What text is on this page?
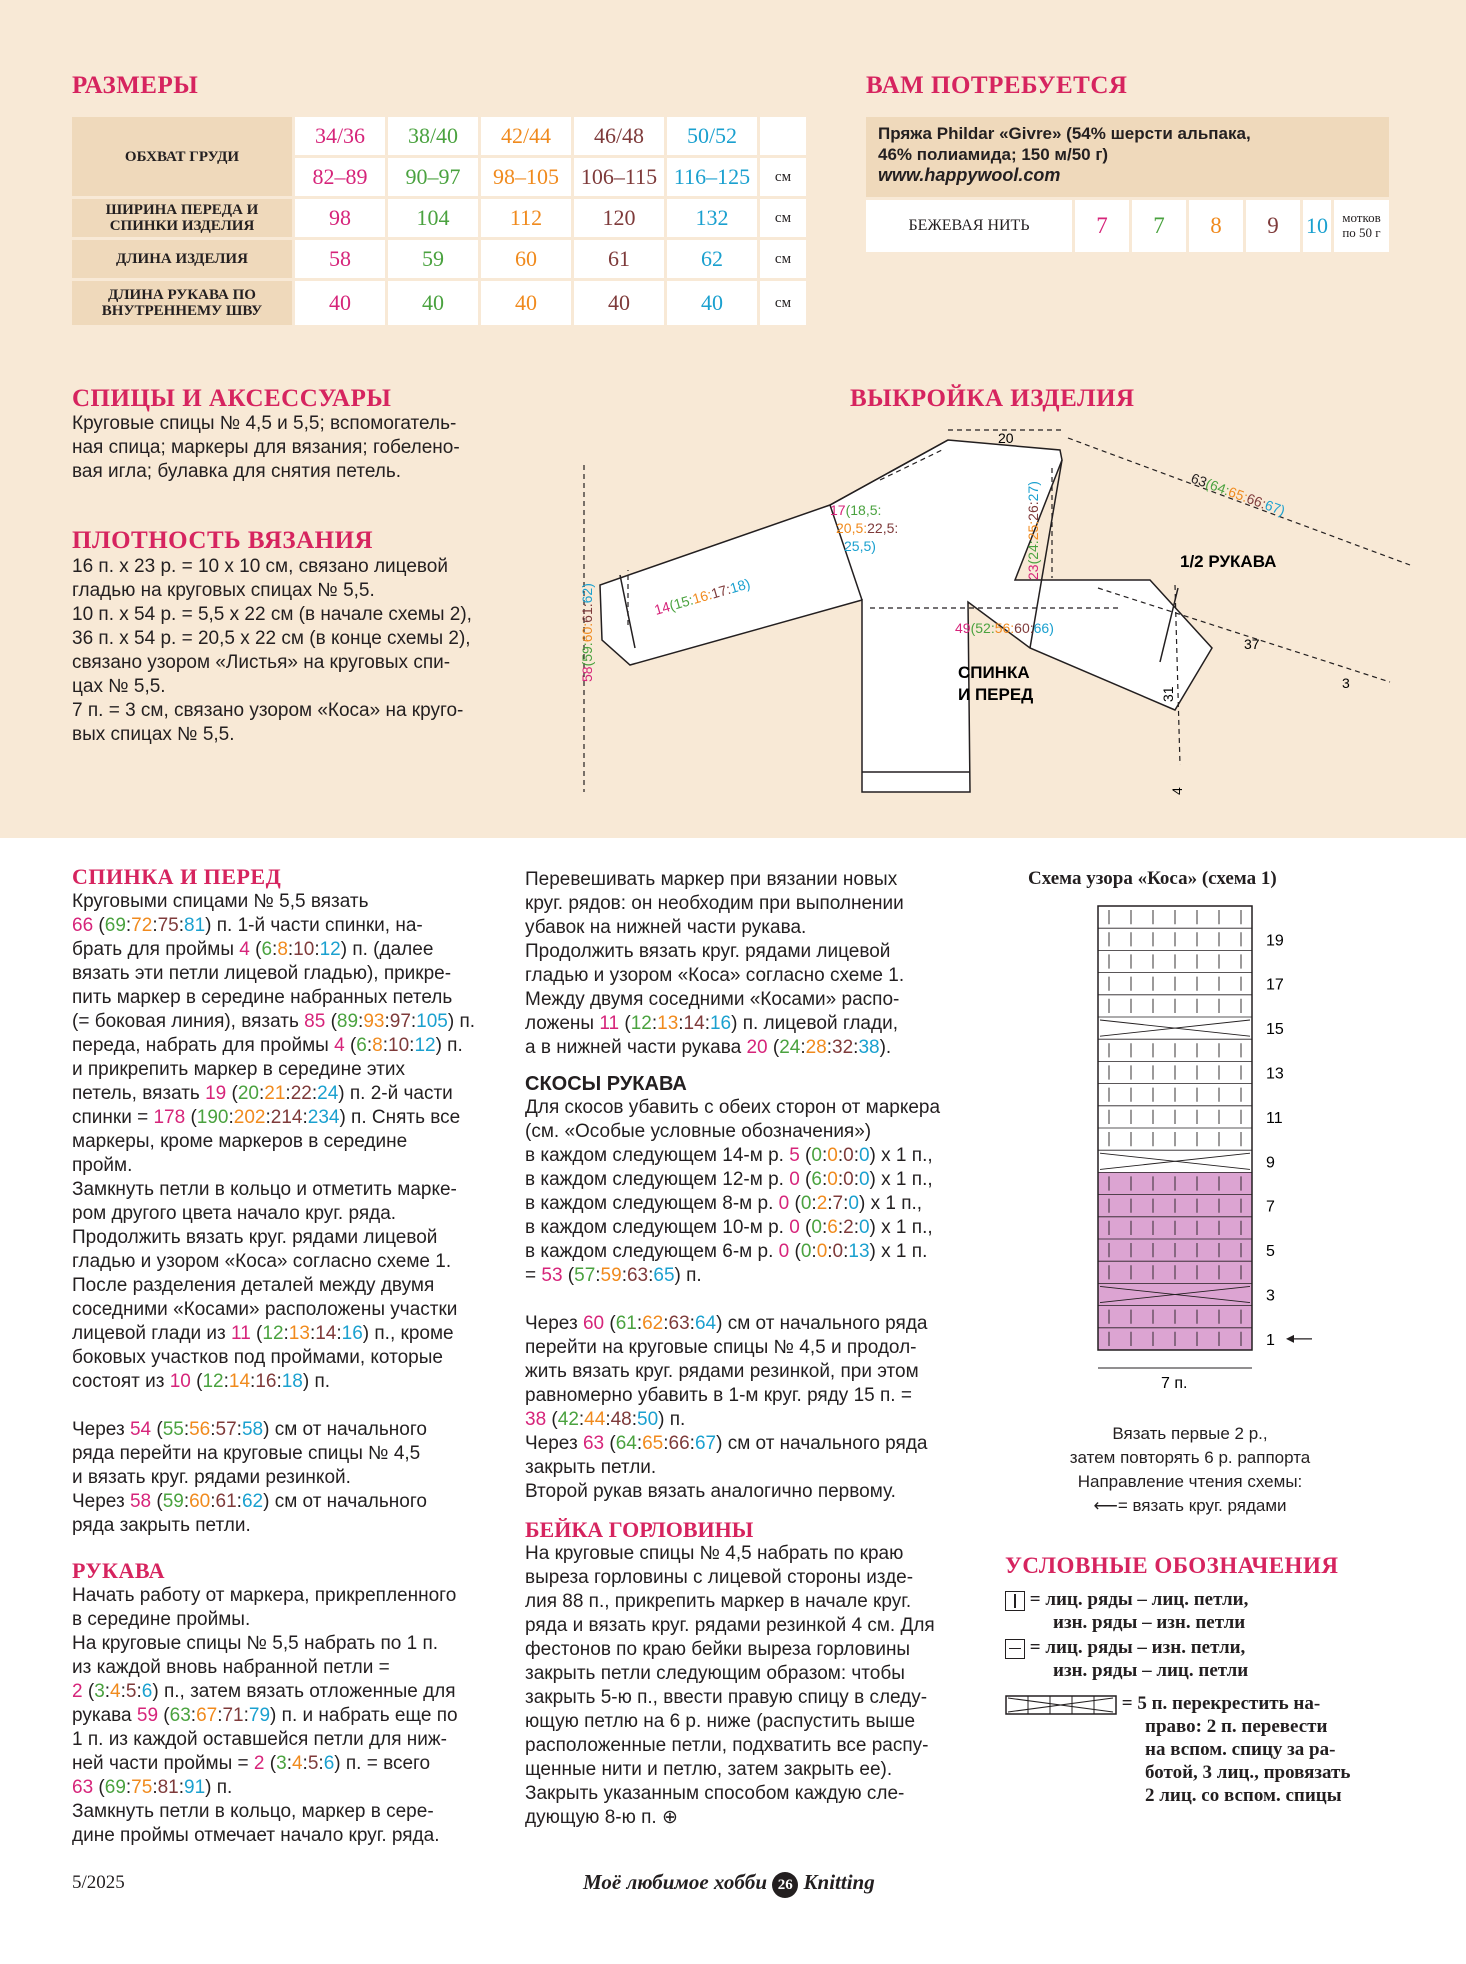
РАЗМЕРЫ
ОБХВАТ ГРУДИ	34/36	38/40	42/44	46/48	50/52	
	82–89	90–97	98–105	106–115	116–125	см
ШИРИНА ПЕРЕДА И СПИНКИ ИЗДЕЛИЯ	98	104	112	120	132	см
ДЛИНА ИЗДЕЛИЯ	58	59	60	61	62	см
ДЛИНА РУКАВА ПО ВНУТРЕННЕМУ ШВУ	40	40	40	40	40	см
ВАМ ПОТРЕБУЕТСЯ
Пряжа Phildar «Givre» (54% шерсти альпака,
46% полиамида; 150 м/50 г)
www.happywool.com
БЕЖЕВАЯ НИТЬ	7	7	8	9	10	мотков
по 50 г
СПИЦЫ И АКСЕССУАРЫ
Круговые спицы № 4,5 и 5,5; вспомогатель-
ная спица; маркеры для вязания; гобелено-
вая игла; булавка для снятия петель.
ПЛОТНОСТЬ ВЯЗАНИЯ
16 п. x 23 р. = 10 x 10 см, связано лицевой
гладью на круговых спицах № 5,5.
10 п. x 54 р. = 5,5 x 22 см (в начале схемы 2),
36 п. x 54 р. = 20,5 x 22 см (в конце схемы 2),
связано узором «Листья» на круговых спи-
цах № 5,5.
7 п. = 3 см, связано узором «Коса» на круго-
вых спицах № 5,5.
ВЫКРОЙКА ИЗДЕЛИЯ
20
63(64:65:66:67)
17(18,5: 20,5:22,5: 25,5)
23(24:25:26:27)
1/2 РУКАВА
14(15:16:17:18)
49(52:56:60:66)
СПИНКА
И ПЕРЕД
58(59:60:61:62)
31
4
37
3
СПИНКА И ПЕРЕД
Круговыми спицами № 5,5 вязать
66 (69:72:75:81) п. 1-й части спинки, на-
брать для проймы 4 (6:8:10:12) п. (далее
вязать эти петли лицевой гладью), прикре-
пить маркер в середине набранных петель
(= боковая линия), вязать 85 (89:93:97:105) п.
переда, набрать для проймы 4 (6:8:10:12) п.
и прикрепить маркер в середине этих
петель, вязать 19 (20:21:22:24) п. 2-й части
спинки = 178 (190:202:214:234) п. Снять все
маркеры, кроме маркеров в середине
пройм.
Замкнуть петли в кольцо и отметить марке-
ром другого цвета начало круг. ряда.
Продолжить вязать круг. рядами лицевой
гладью и узором «Коса» согласно схеме 1.
После разделения деталей между двумя
соседними «Косами» расположены участки
лицевой глади из 11 (12:13:14:16) п., кроме
боковых участков под проймами, которые
состоят из 10 (12:14:16:18) п.
Через 54 (55:56:57:58) см от начального
ряда перейти на круговые спицы № 4,5
и вязать круг. рядами резинкой.
Через 58 (59:60:61:62) см от начального
ряда закрыть петли.
РУКАВА
Начать работу от маркера, прикрепленного
в середине проймы.
На круговые спицы № 5,5 набрать по 1 п.
из каждой вновь набранной петли =
2 (3:4:5:6) п., затем вязать отложенные для
рукава 59 (63:67:71:79) п. и набрать еще по
1 п. из каждой оставшейся петли для ниж-
ней части проймы = 2 (3:4:5:6) п. = всего
63 (69:75:81:91) п.
Замкнуть петли в кольцо, маркер в сере-
дине проймы отмечает начало круг. ряда.
Перевешивать маркер при вязании новых
круг. рядов: он необходим при выполнении
убавок на нижней части рукава.
Продолжить вязать круг. рядами лицевой
гладью и узором «Коса» согласно схеме 1.
Между двумя соседними «Косами» распо-
ложены 11 (12:13:14:16) п. лицевой глади,
а в нижней части рукава 20 (24:28:32:38).
СКОСЫ РУКАВА
Для скосов убавить с обеих сторон от маркера
(см. «Особые условные обозначения»)
в каждом следующем 14-м р. 5 (0:0:0:0) x 1 п.,
в каждом следующем 12-м р. 0 (6:0:0:0) x 1 п.,
в каждом следующем 8-м р. 0 (0:2:7:0) x 1 п.,
в каждом следующем 10-м р. 0 (0:6:2:0) x 1 п.,
в каждом следующем 6-м р. 0 (0:0:0:13) x 1 п.
= 53 (57:59:63:65) п.
Через 60 (61:62:63:64) см от начального ряда
перейти на круговые спицы № 4,5 и продол-
жить вязать круг. рядами резинкой, при этом
равномерно убавить в 1-м круг. ряду 15 п. =
38 (42:44:48:50) п.
Через 63 (64:65:66:67) см от начального ряда
закрыть петли.
Второй рукав вязать аналогично первому.
БЕЙКА ГОРЛОВИНЫ
На круговые спицы № 4,5 набрать по краю
выреза горловины с лицевой стороны изде-
лия 88 п., прикрепить маркер в начале круг.
ряда и вязать круг. рядами резинкой 4 см. Для
фестонов по краю бейки выреза горловины
закрыть петли следующим образом: чтобы
закрыть 5-ю п., ввести правую спицу в следу-
ющую петлю на 6 р. ниже (распустить выше
расположенные петли, подхватить все распу-
щенные нити и петлю, затем закрыть ее).
Закрыть указанным способом каждую сле-
дующую 8-ю п. ⊕
Схема узора «Коса» (схема 1)
19
17
15
13
11
9
7
5
3
1
7 п.
Вязать первые 2 р.,
затем повторять 6 р. раппорта
Направление чтения схемы:
⟵= вязать круг. рядами
УСЛОВНЫЕ ОБОЗНАЧЕНИЯ
= лиц. ряды – лиц. петли,
изн. ряды – изн. петли
= лиц. ряды – изн. петли,
изн. ряды – лиц. петли
= 5 п. перекрестить на-
право: 2 п. перевести
на вспом. спицу за ра-
ботой, 3 лиц., провязать
2 лиц. со вспом. спицы
5/2025	Моё любимое хобби 26 Knitting
